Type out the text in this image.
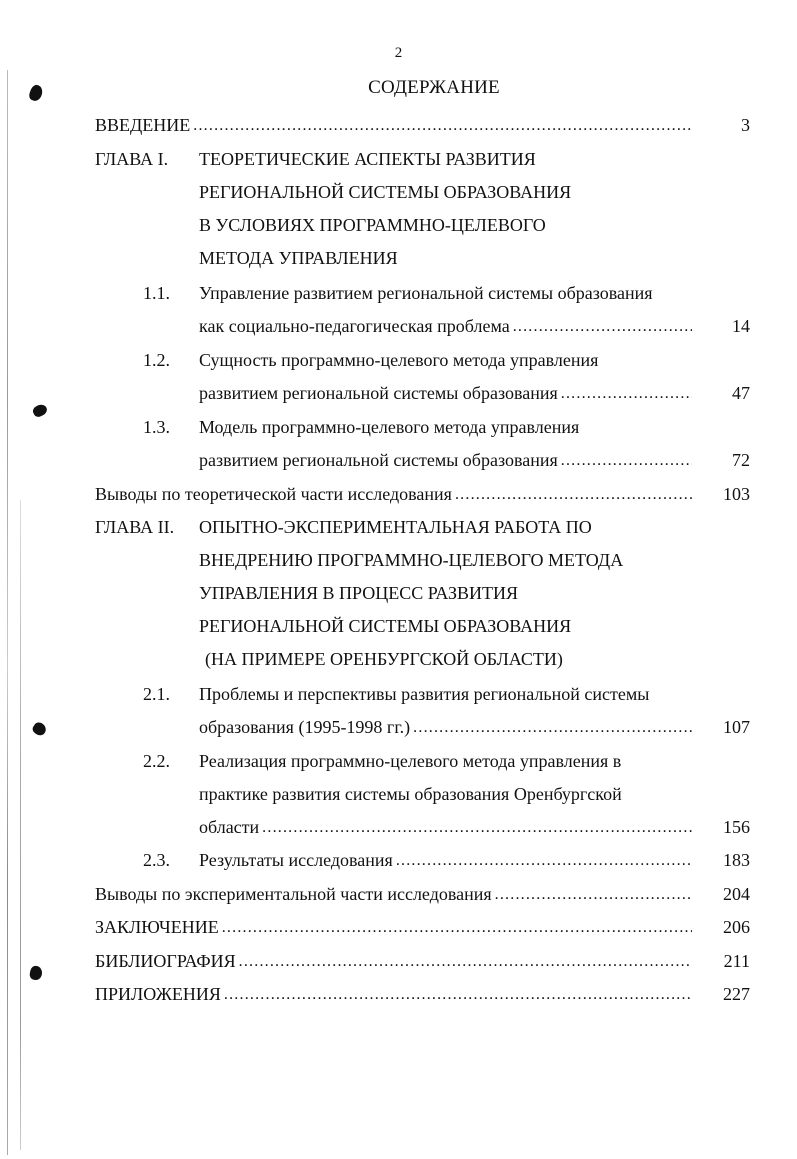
2
СОДЕРЖАНИЕ
ВВЕДЕНИЕ .....	3
ГЛАВА I. ТЕОРЕТИЧЕСКИЕ АСПЕКТЫ РАЗВИТИЯ
РЕГИОНАЛЬНОЙ СИСТЕМЫ ОБРАЗОВАНИЯ
В УСЛОВИЯХ ПРОГРАММНО-ЦЕЛЕВОГО
МЕТОДА УПРАВЛЕНИЯ
1.1. Управление развитием региональной системы образования
как социально-педагогическая проблема .....	14
1.2. Сущность программно-целевого метода управления
развитием региональной системы образования .....	47
1.3. Модель программно-целевого метода управления
развитием региональной системы образования .....	72
Выводы по теоретической части исследования .....	103
ГЛАВА II. ОПЫТНО-ЭКСПЕРИМЕНТАЛЬНАЯ РАБОТА ПО
ВНЕДРЕНИЮ ПРОГРАММНО-ЦЕЛЕВОГО МЕТОДА
УПРАВЛЕНИЯ В ПРОЦЕСС РАЗВИТИЯ
РЕГИОНАЛЬНОЙ СИСТЕМЫ ОБРАЗОВАНИЯ
(НА ПРИМЕРЕ ОРЕНБУРГСКОЙ ОБЛАСТИ)
2.1. Проблемы и перспективы развития региональной системы
образования (1995-1998 гг.) .....	107
2.2. Реализация программно-целевого метода управления в
практике развития системы образования Оренбургской
области .....	156
2.3. Результаты исследования .....	183
Выводы по экспериментальной части исследования .....	204
ЗАКЛЮЧЕНИЕ .....	206
БИБЛИОГРАФИЯ .....	211
ПРИЛОЖЕНИЯ .....	227
